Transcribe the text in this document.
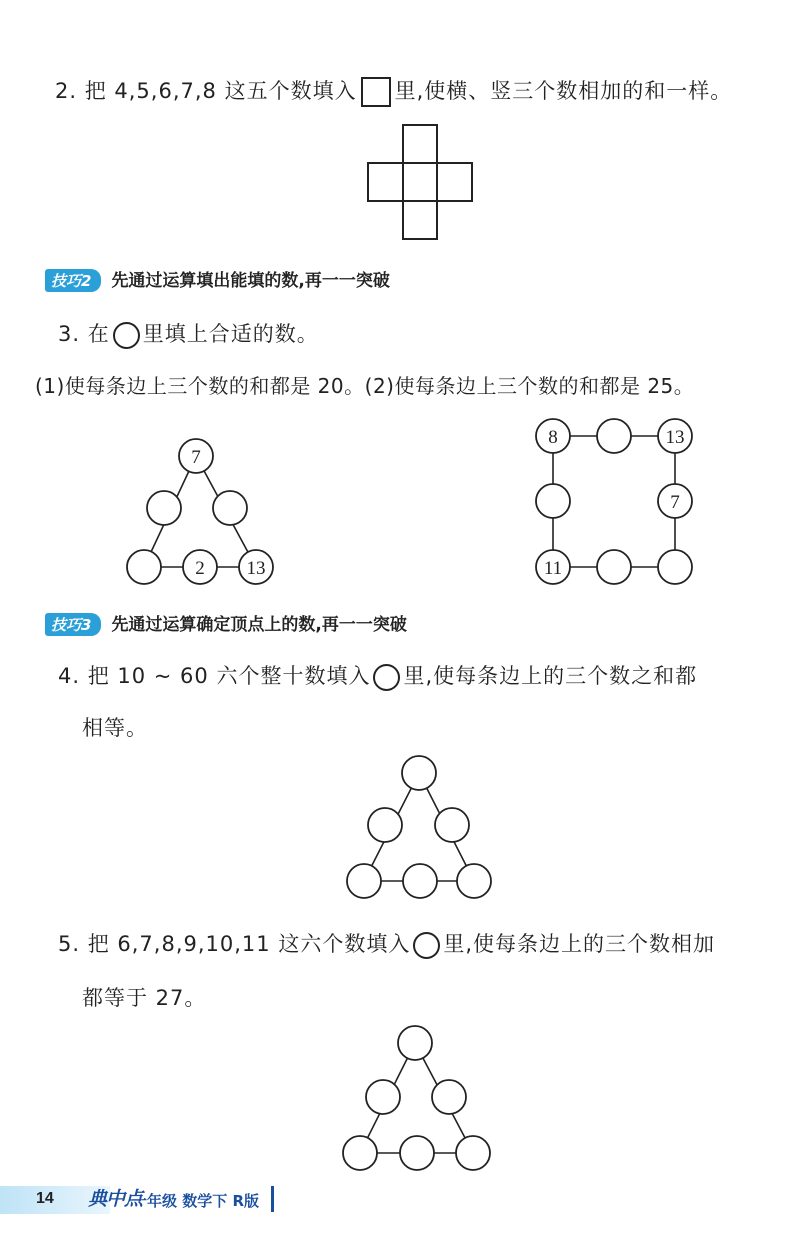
2. 把 4,5,6,7,8 这五个数填入 里,使横、竖三个数相加的和一样。
技巧2 先通过运算填出能填的数,再一一突破
3. 在 里填上合适的数。
(1)使每条边上三个数的和都是 20。(2)使每条边上三个数的和都是 25。
7
2 13
8	13
7
11
技巧3 先通过运算确定顶点上的数,再一一突破
4. 把 10 ~ 60 六个整十数填入 里,使每条边上的三个数之和都
相等。
5. 把 6,7,8,9,10,11 这六个数填入 里,使每条边上的三个数相加
都等于 27。
14 典中点
一年级 数学下 R版
